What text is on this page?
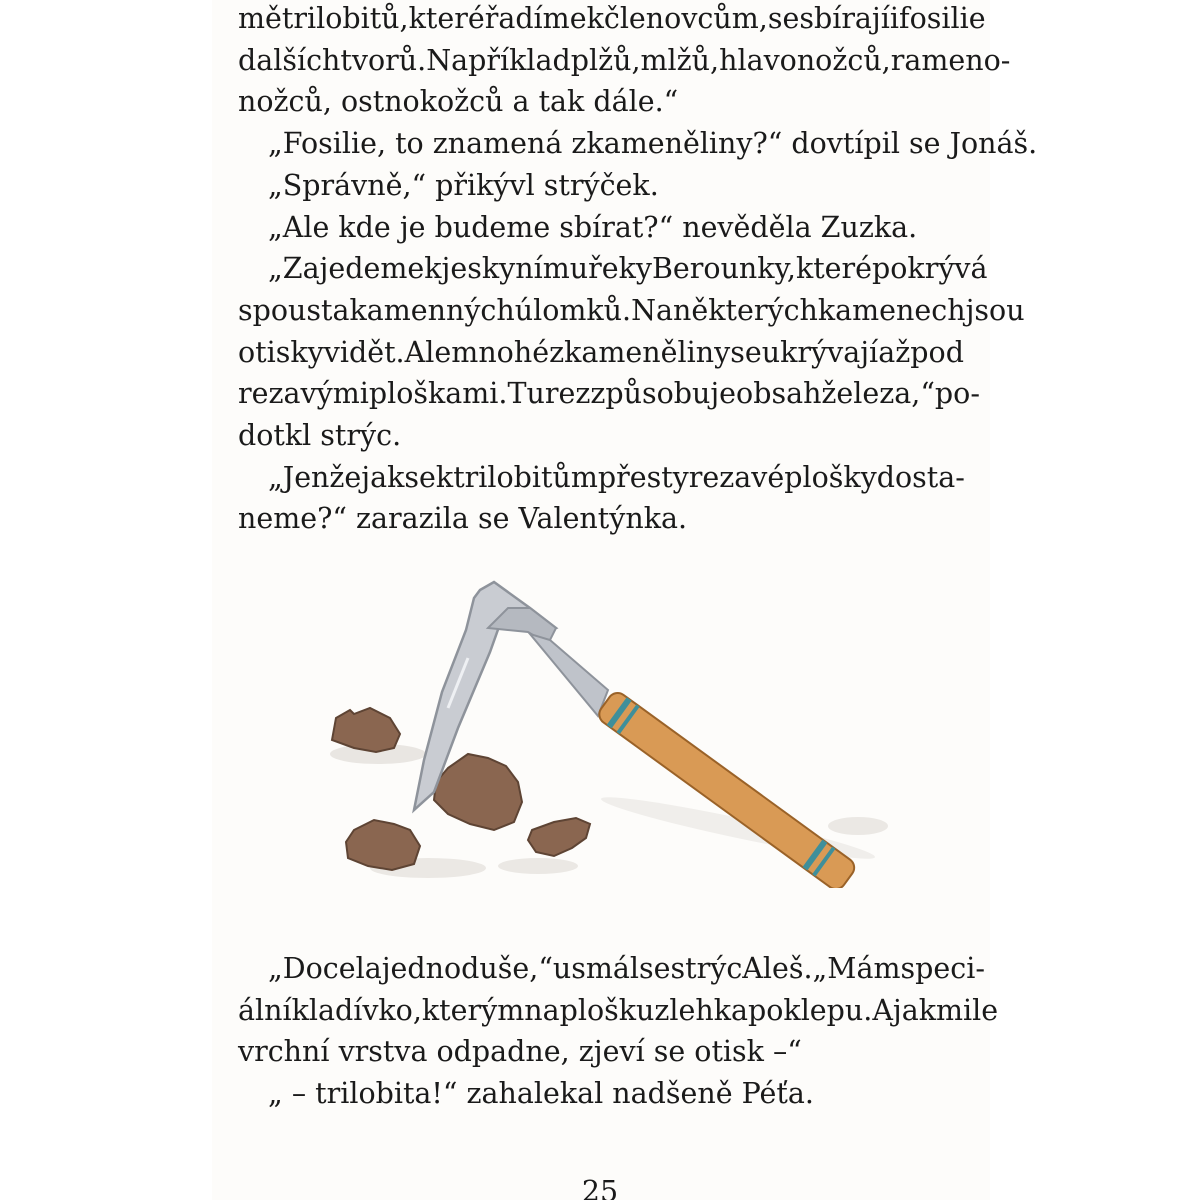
mě trilobitů, které řadíme k členovcům, se sbírají i fosilie

dalších tvorů. Například plžů, mlžů, hlavonožců, rameno-

nožců, ostnokožců a tak dále.“

„Fosilie, to znamená zkameněliny?“ dovtípil se Jonáš.

„Správně,“ přikývl strýček.

„Ale kde je budeme sbírat?“ nevěděla Zuzka.

„Zajedeme k jeskyním u řeky Berounky, které pokrývá

spousta kamenných úlomků. Na některých kamenech jsou

otisky vidět. Ale mnohé zkameněliny se ukrývají až pod

rezavými ploškami. Tu rez způsobuje obsah železa,“ po-

dotkl strýc.

„Jenže jak se k trilobitům přes ty rezavé plošky dosta-

neme?“ zarazila se Valentýnka.

„Docela jednoduše,“ usmál se strýc Aleš. „Mám speci-

ální kladívko, kterým na plošku zlehka poklepu. A jakmile

vrchní vrstva odpadne, zjeví se otisk –“

„ – trilobita!“ zahalekal nadšeně Péťa.

25
